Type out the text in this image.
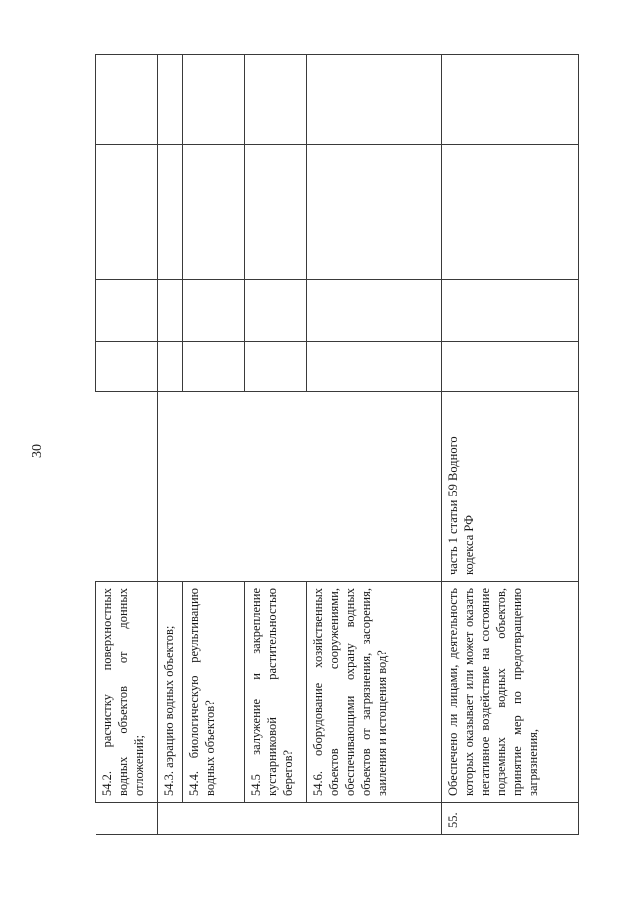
30
	54.2. расчистку поверхностных водных объектов от донных отложений;					
	54.3. аэрацию водных объектов;					
	54.4. биологическую реультивацию водных объектов?					
	54.5 залужение и закрепление кустарниковой растительностью берегов?					
	54.6. оборудование хозяйственных объектов сооружениями, обеспечивающими охрану водных объектов от загрязнения, засорения, заиления и истощения вод?					
55.	Обеспечено ли лицами, деятельность которых оказывает или может оказать негативное воздействие на состояние подземных водных объектов, принятие мер по предотвращению загрязнения,	часть 1 статьи 59 Водного кодекса РФ				
